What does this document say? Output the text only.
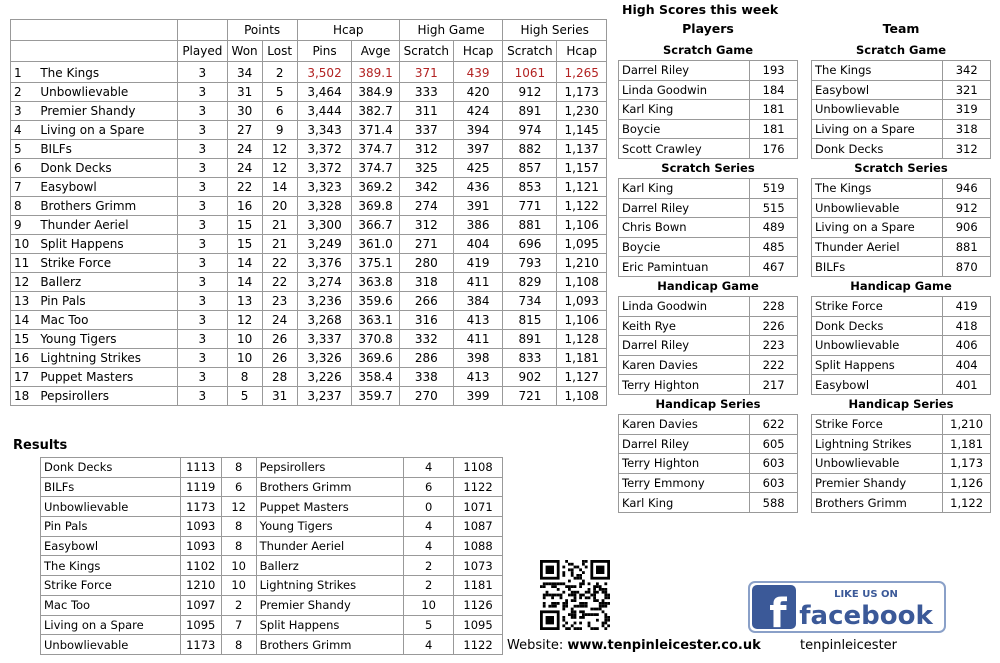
			Points		Hcap		High Game		High Series	
		Played	Won	Lost	Pins	Avge	Scratch	Hcap	Scratch	Hcap
1	The Kings	3	34	2	3,502	389.1	371	439	1061	1,265
2	Unbowlievable	3	31	5	3,464	384.9	333	420	912	1,173
3	Premier Shandy	3	30	6	3,444	382.7	311	424	891	1,230
4	Living on a Spare	3	27	9	3,343	371.4	337	394	974	1,145
5	BILFs	3	24	12	3,372	374.7	312	397	882	1,137
6	Donk Decks	3	24	12	3,372	374.7	325	425	857	1,157
7	Easybowl	3	22	14	3,323	369.2	342	436	853	1,121
8	Brothers Grimm	3	16	20	3,328	369.8	274	391	771	1,122
9	Thunder Aeriel	3	15	21	3,300	366.7	312	386	881	1,106
10	Split Happens	3	15	21	3,249	361.0	271	404	696	1,095
11	Strike Force	3	14	22	3,376	375.1	280	419	793	1,210
12	Ballerz	3	14	22	3,274	363.8	318	411	829	1,108
13	Pin Pals	3	13	23	3,236	359.6	266	384	734	1,093
14	Mac Too	3	12	24	3,268	363.1	316	413	815	1,106
15	Young Tigers	3	10	26	3,337	370.8	332	411	891	1,128
16	Lightning Strikes	3	10	26	3,326	369.6	286	398	833	1,181
17	Puppet Masters	3	8	28	3,226	358.4	338	413	902	1,127
18	Pepsirollers	3	5	31	3,237	359.7	270	399	721	1,108
Results
Donk Decks	1113	8	Pepsirollers	4	1108
BILFs	1119	6	Brothers Grimm	6	1122
Unbowlievable	1173	12	Puppet Masters	0	1071
Pin Pals	1093	8	Young Tigers	4	1087
Easybowl	1093	8	Thunder Aeriel	4	1088
The Kings	1102	10	Ballerz	2	1073
Strike Force	1210	10	Lightning Strikes	2	1181
Mac Too	1097	2	Premier Shandy	10	1126
Living on a Spare	1095	7	Split Happens	5	1095
Unbowlievable	1173	8	Brothers Grimm	4	1122
High Scores this week
Players	Team
Scratch Game
Darrel Riley	193
Linda Goodwin	184
Karl King	181
Boycie	181
Scott Crawley	176
Scratch Series
Karl King	519
Darrel Riley	515
Chris Bown	489
Boycie	485
Eric Pamintuan	467
Handicap Game
Linda Goodwin	228
Keith Rye	226
Darrel Riley	223
Karen Davies	222
Terry Highton	217
Handicap Series
Karen Davies	622
Darrel Riley	605
Terry Highton	603
Terry Emmony	603
Karl King	588
Scratch Game
The Kings	342
Easybowl	321
Unbowlievable	319
Living on a Spare	318
Donk Decks	312
Scratch Series
The Kings	946
Unbowlievable	912
Living on a Spare	906
Thunder Aeriel	881
BILFs	870
Handicap Game
Strike Force	419
Donk Decks	418
Unbowlievable	406
Split Happens	404
Easybowl	401
Handicap Series
Strike Force	1,210
Lightning Strikes	1,181
Unbowlievable	1,173
Premier Shandy	1,126
Brothers Grimm	1,122
f	LIKE US ON
facebook
Website: www.tenpinleicester.co.uk	tenpinleicester
